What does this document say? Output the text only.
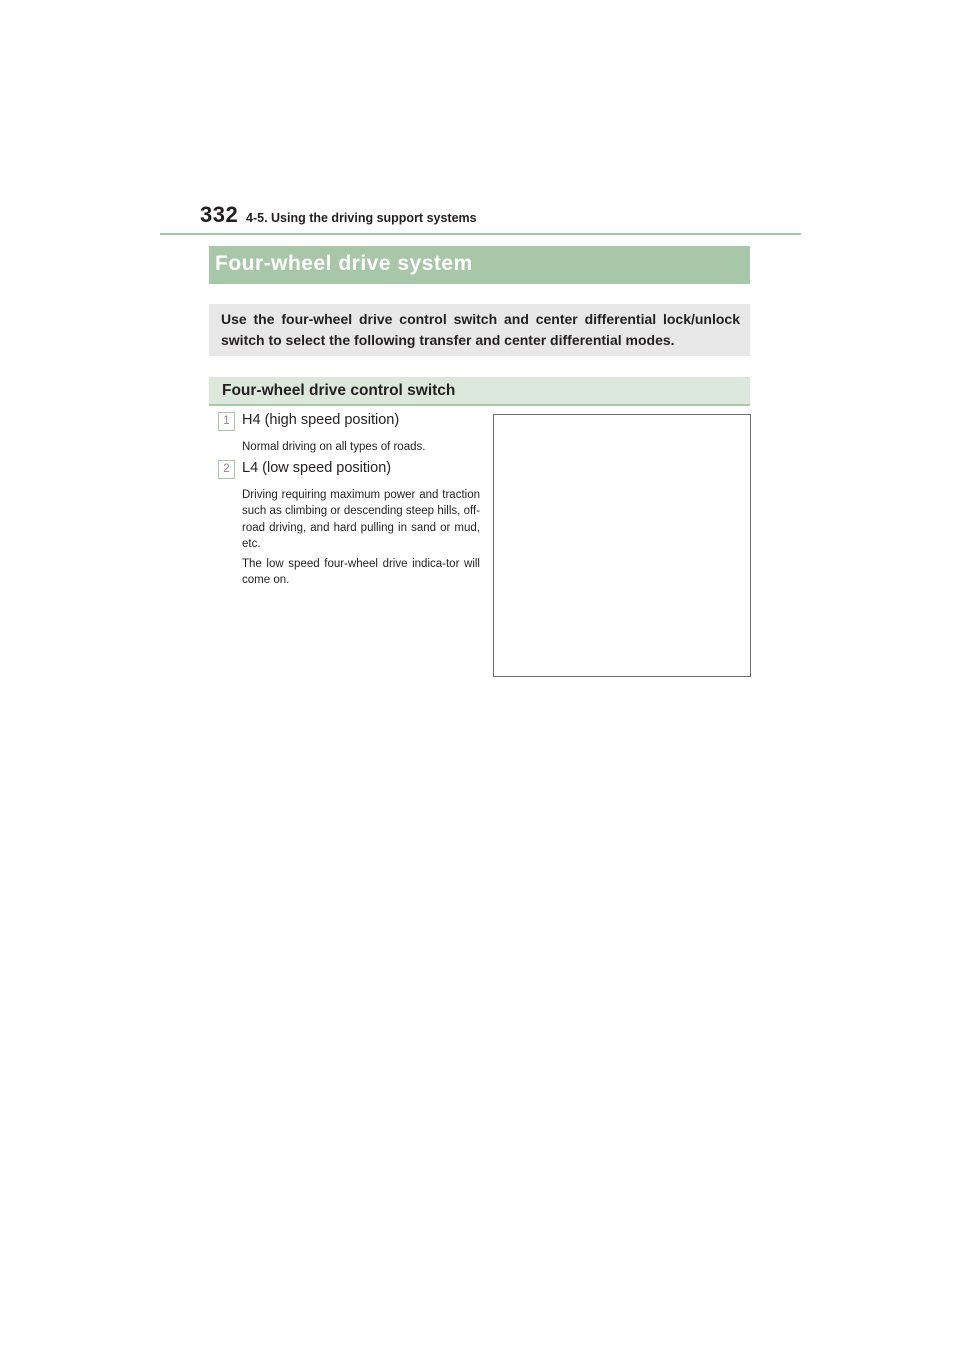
332 4-5. Using the driving support systems
Four-wheel drive system

Use the four-wheel drive control switch and center differential lock/unlock switch to select the following transfer and center differential modes.

Four-wheel drive control switch
1 H4 (high speed position)

Normal driving on all types of roads.

2 L4 (low speed position)

Driving requiring maximum power and traction such as climbing or descending steep hills, off-road driving, and hard pulling in sand or mud, etc.

The low speed four-wheel drive indica-tor will come on.
